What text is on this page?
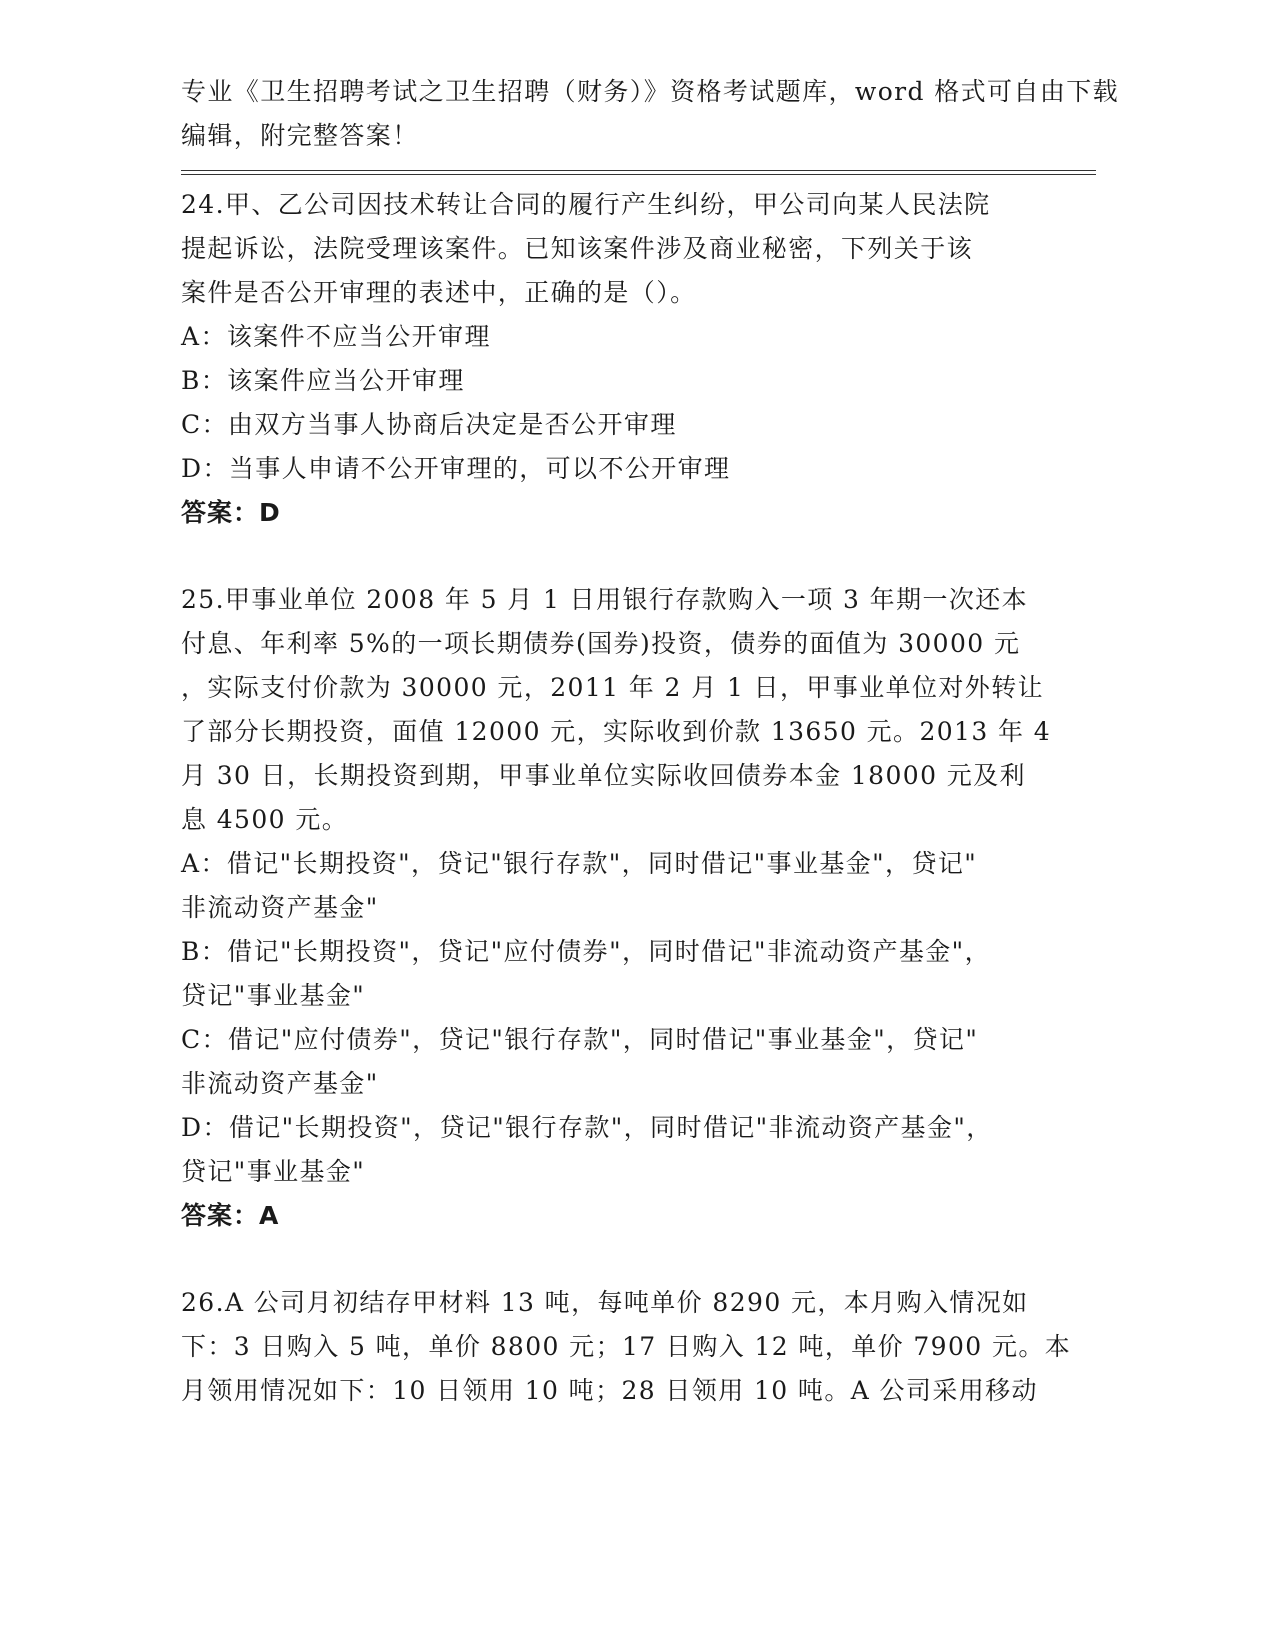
专业《卫生招聘考试之卫生招聘（财务）》资格考试题库，word 格式可自由下载
编辑，附完整答案！
24.甲、乙公司因技术转让合同的履行产生纠纷，甲公司向某人民法院
提起诉讼，法院受理该案件。已知该案件涉及商业秘密，下列关于该
案件是否公开审理的表述中，正确的是（）。
A：该案件不应当公开审理
B：该案件应当公开审理
C：由双方当事人协商后决定是否公开审理
D：当事人申请不公开审理的，可以不公开审理
答案：D
25.甲事业单位 2008 年 5 月 1 日用银行存款购入一项 3 年期一次还本
付息、年利率 5%的一项长期债券(国券)投资，债券的面值为 30000 元
，实际支付价款为 30000 元，2011 年 2 月 1 日，甲事业单位对外转让
了部分长期投资，面值 12000 元，实际收到价款 13650 元。2013 年 4
月 30 日，长期投资到期，甲事业单位实际收回债券本金 18000 元及利
息 4500 元。
A：借记"长期投资"，贷记"银行存款"，同时借记"事业基金"，贷记"
非流动资产基金"
B：借记"长期投资"，贷记"应付债券"，同时借记"非流动资产基金"，
贷记"事业基金"
C：借记"应付债券"，贷记"银行存款"，同时借记"事业基金"，贷记"
非流动资产基金"
D：借记"长期投资"，贷记"银行存款"，同时借记"非流动资产基金"，
贷记"事业基金"
答案：A
26.A 公司月初结存甲材料 13 吨，每吨单价 8290 元，本月购入情况如
下：3 日购入 5 吨，单价 8800 元；17 日购入 12 吨，单价 7900 元。本
月领用情况如下：10 日领用 10 吨；28 日领用 10 吨。A 公司采用移动
